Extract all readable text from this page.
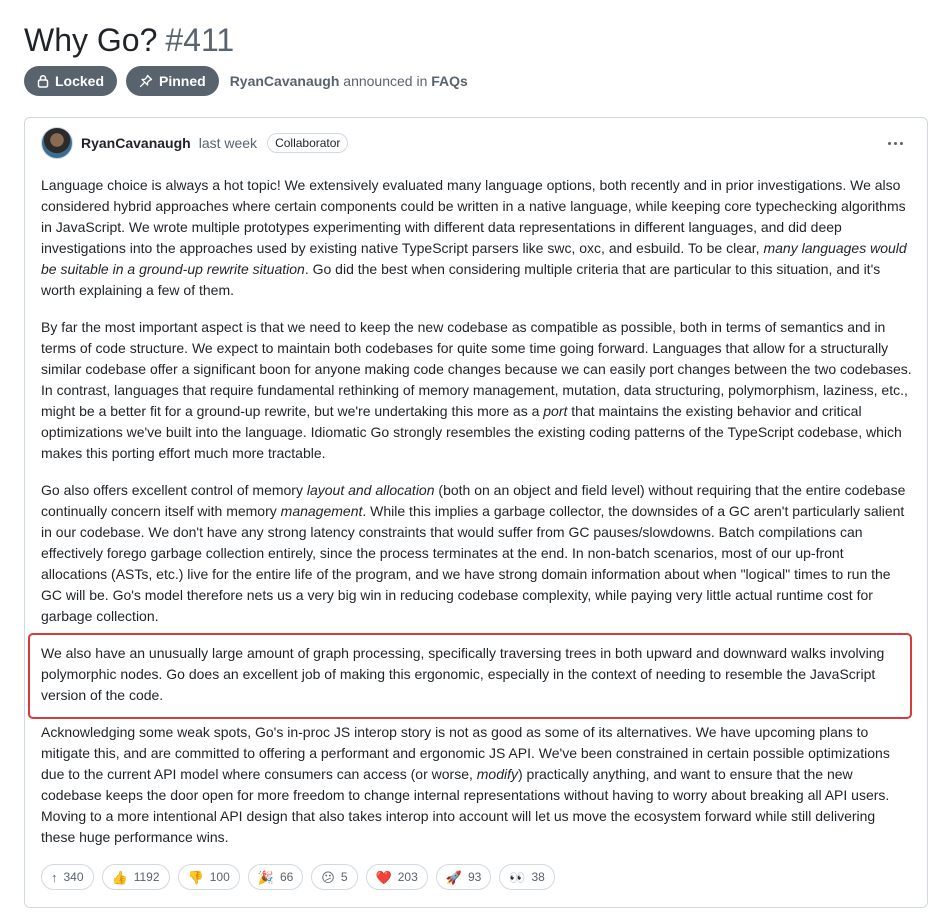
Why Go? #411
Locked	Pinned RyanCavanaugh announced in FAQs
RyanCavanaugh last week	Collaborator

Language choice is always a hot topic! We extensively evaluated many language options, both recently and in prior investigations. We also considered hybrid approaches where certain components could be written in a native language, while keeping core typechecking algorithms in JavaScript. We wrote multiple prototypes experimenting with different data representations in different languages, and did deep investigations into the approaches used by existing native TypeScript parsers like swc, oxc, and esbuild. To be clear, many languages would be suitable in a ground-up rewrite situation. Go did the best when considering multiple criteria that are particular to this situation, and it's worth explaining a few of them.

By far the most important aspect is that we need to keep the new codebase as compatible as possible, both in terms of semantics and in terms of code structure. We expect to maintain both codebases for quite some time going forward. Languages that allow for a structurally similar codebase offer a significant boon for anyone making code changes because we can easily port changes between the two codebases. In contrast, languages that require fundamental rethinking of memory management, mutation, data structuring, polymorphism, laziness, etc., might be a better fit for a ground-up rewrite, but we're undertaking this more as a port that maintains the existing behavior and critical optimizations we've built into the language. Idiomatic Go strongly resembles the existing coding patterns of the TypeScript codebase, which makes this porting effort much more tractable.

Go also offers excellent control of memory layout and allocation (both on an object and field level) without requiring that the entire codebase continually concern itself with memory management. While this implies a garbage collector, the downsides of a GC aren't particularly salient in our codebase. We don't have any strong latency constraints that would suffer from GC pauses/slowdowns. Batch compilations can effectively forego garbage collection entirely, since the process terminates at the end. In non-batch scenarios, most of our up-front allocations (ASTs, etc.) live for the entire life of the program, and we have strong domain information about when "logical" times to run the GC will be. Go's model therefore nets us a very big win in reducing codebase complexity, while paying very little actual runtime cost for garbage collection.

We also have an unusually large amount of graph processing, specifically traversing trees in both upward and downward walks involving polymorphic nodes. Go does an excellent job of making this ergonomic, especially in the context of needing to resemble the JavaScript version of the code.

Acknowledging some weak spots, Go's in-proc JS interop story is not as good as some of its alternatives. We have upcoming plans to mitigate this, and are committed to offering a performant and ergonomic JS API. We've been constrained in certain possible optimizations due to the current API model where consumers can access (or worse, modify) practically anything, and want to ensure that the new codebase keeps the door open for more freedom to change internal representations without having to worry about breaking all API users. Moving to a more intentional API design that also takes interop into account will let us move the ecosystem forward while still delivering these huge performance wins.

↑ 340 👍 1192 👎 100 🎉 66 😕 5 ❤️ 203 🚀 93 👀 38
